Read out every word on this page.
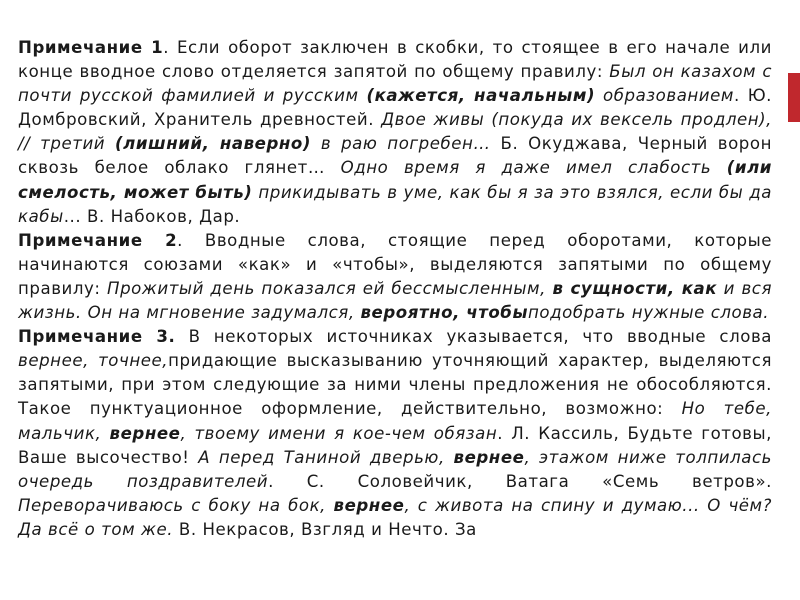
Примечание 1. Если оборот заключен в скобки, то стоящее в его начале или конце вводное слово отделяется запятой по общему правилу: Был он казахом с почти русской фамилией и русским (кажется, начальным) образованием. Ю. Домбровский, Хранитель древностей. Двое живы (покуда их вексель продлен), // третий (лишний, наверно) в раю погребен… Б. Окуджава, Черный ворон сквозь белое облако глянет… Одно время я даже имел слабость (или смелость, может быть) прикидывать в уме, как бы я за это взялся, если бы да кабы... В. Набоков, Дар.

Примечание 2. Вводные слова, стоящие перед оборотами, которые начинаются союзами «как» и «чтобы», выделяются запятыми по общему правилу: Прожитый день показался ей бессмысленным, в сущности, как и вся жизнь. Он на мгновение задумался, вероятно, чтобыподобрать нужные слова.

Примечание 3. В некоторых источниках указывается, что вводные слова вернее, точнее,придающие высказыванию уточняющий характер, выделяются запятыми, при этом следующие за ними члены предложения не обособляются. Такое пунктуационное оформление, действительно, возможно: Но тебе, мальчик, вернее, твоему имени я кое-чем обязан. Л. Кассиль, Будьте готовы, Ваше высочество! А перед Таниной дверью, вернее, этажом ниже толпилась очередь поздравителей. С. Соловейчик, Ватага «Семь ветров». Переворачиваюсь с боку на бок, вернее, с живота на спину и думаю... О чём? Да всё о том же. В. Некрасов, Взгляд и Нечто. За
